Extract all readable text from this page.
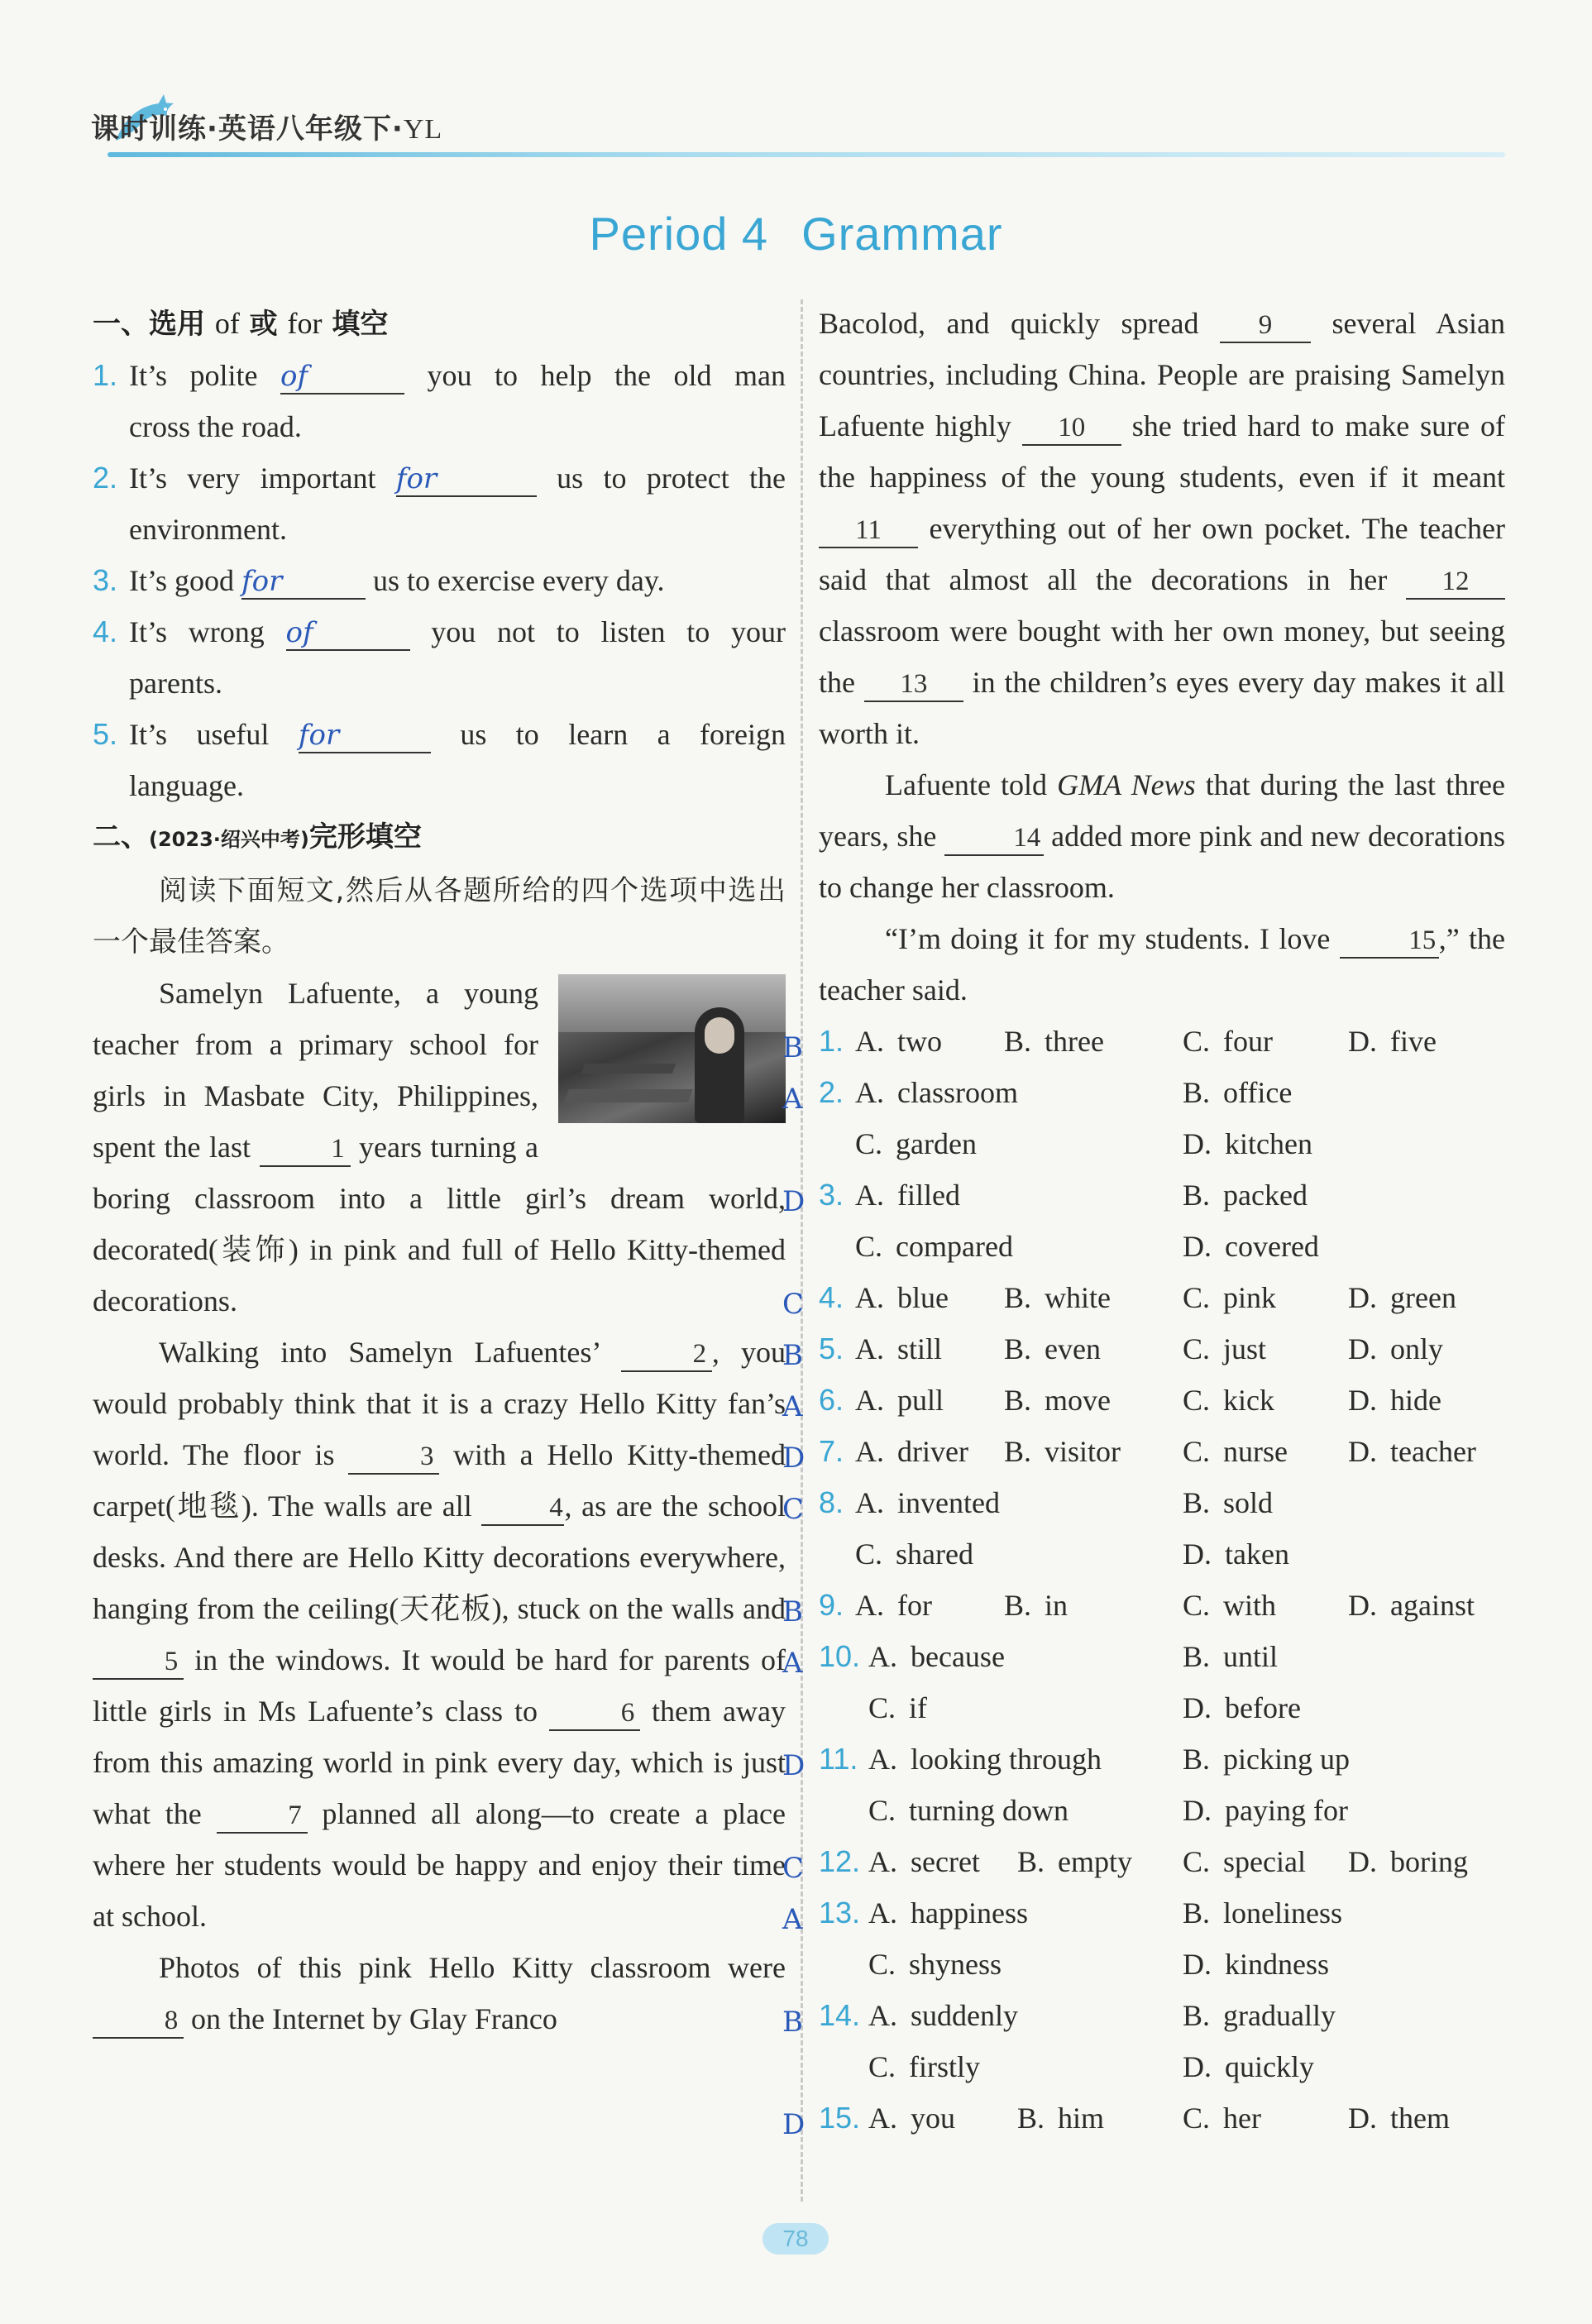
课时训练·英语八年级下·YL
Period 4 Grammar
一、选用 of 或 for 填空
1. It’s polite of	you to help the old man
cross the road.
2. It’s very important for	us to protect the
environment.
3. It’s good for	us to exercise every day.
4. It’s wrong of	you not to listen to your
parents.
5. It’s useful for	us to learn a foreign
language.
二、(2023·绍兴中考)完形填空
阅读下面短文,然后从各题所给的四个选项中选出一个最佳答案。
Samelyn Lafuente, a young teacher from a primary school for girls in Masbate City, Philippines, spent the last	1 years turning a boring classroom into a little girl’s dream world, decorated(装饰) in pink and full of Hello Kitty-themed decorations.
Walking into Samelyn Lafuentes’	2 , you would probably think that it is a crazy Hello Kitty fan’s world. The floor is	3 with a Hello Kitty-themed carpet(地毯). The walls are all	4, as are the school desks. And there are Hello Kitty decorations everywhere, hanging from the ceiling(天花板), stuck on the walls and 5 in the windows. It would be hard for parents of little girls in Ms Lafuente’s class to	6 them away from this amazing world in pink every day, which is just what the	7 planned all along—to create a place where her students would be happy and enjoy their time at school.
Photos of this pink Hello Kitty classroom were 8 on the Internet by Glay Franco
Bacolod, and quickly spread 9 several Asian countries, including China. People are praising Samelyn Lafuente highly 10 she tried hard to make sure of the happiness of the young students, even if it meant 11 everything out of her own pocket. The teacher said that almost all the decorations in her 12 classroom were bought with her own money, but seeing the 13 in the children’s eyes every day makes it all worth it.
Lafuente told GMA News that during the last three years, she	14 added more pink and new decorations to change her classroom.
“I’m doing it for my students. I love	15,” the teacher said.
B 1. A. two B. three	C. four	D. five
A 2. A. classroom	B. office
C. garden	D. kitchen
D 3. A. filled	B. packed
C. compared	D. covered
C 4. A. blue B. white C. pink D. green
B 5. A. still B. even	C. just	D. only
A 6. A. pull B. move C. kick D. hide
D 7. A. driver B. visitor C. nurse D. teacher
C 8. A. invented	B. sold
C. shared	D. taken
B 9. A. for B. in	C. with D. against
A 10. A. because	B. until
C. if	D. before
D 11. A. looking through	B. picking up
C. turning down	D. paying for
C 12. A. secret B. empty C. special D. boring
A 13. A. happiness	B. loneliness
C. shyness	D. kindness
B 14. A. suddenly	B. gradually
C. firstly	D. quickly
D 15. A. you B. him	C. her	D. them
78
